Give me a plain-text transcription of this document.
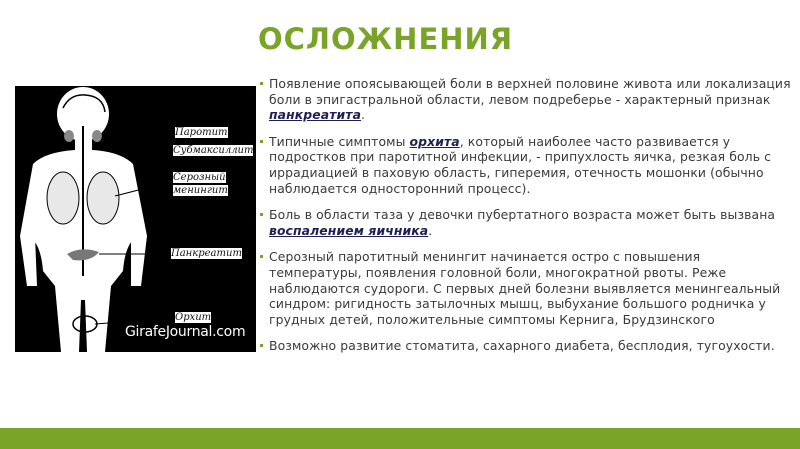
ОСЛОЖНЕНИЯ
Паротит
Субмаксиллит
Серозный
менингит
Панкреатит
Орхит
GirafeJournal.com
Появление опоясывающей боли в верхней половине живота или локализация боли в эпигастральной области, левом подреберье - характерный признак панкреатита.
Типичные симптомы орхита, который наиболее часто развивается у подростков при паротитной инфекции, - припухлость яичка, резкая боль с иррадиацией в паховую область, гиперемия, отечность мошонки (обычно наблюдается односторонний процесс).
Боль в области таза у девочки пубертатного возраста может быть вызвана воспалением яичника.
Серозный паротитный менингит начинается остро с повышения температуры, появления головной боли, многократной рвоты. Реже наблюдаются судороги. С первых дней болезни выявляется менингеальный синдром: ригидность затылочных мышц, выбухание большого родничка у грудных детей, положительные симптомы Кернига, Брудзинского
Возможно развитие стоматита, сахарного диабета, бесплодия, тугоухости.
